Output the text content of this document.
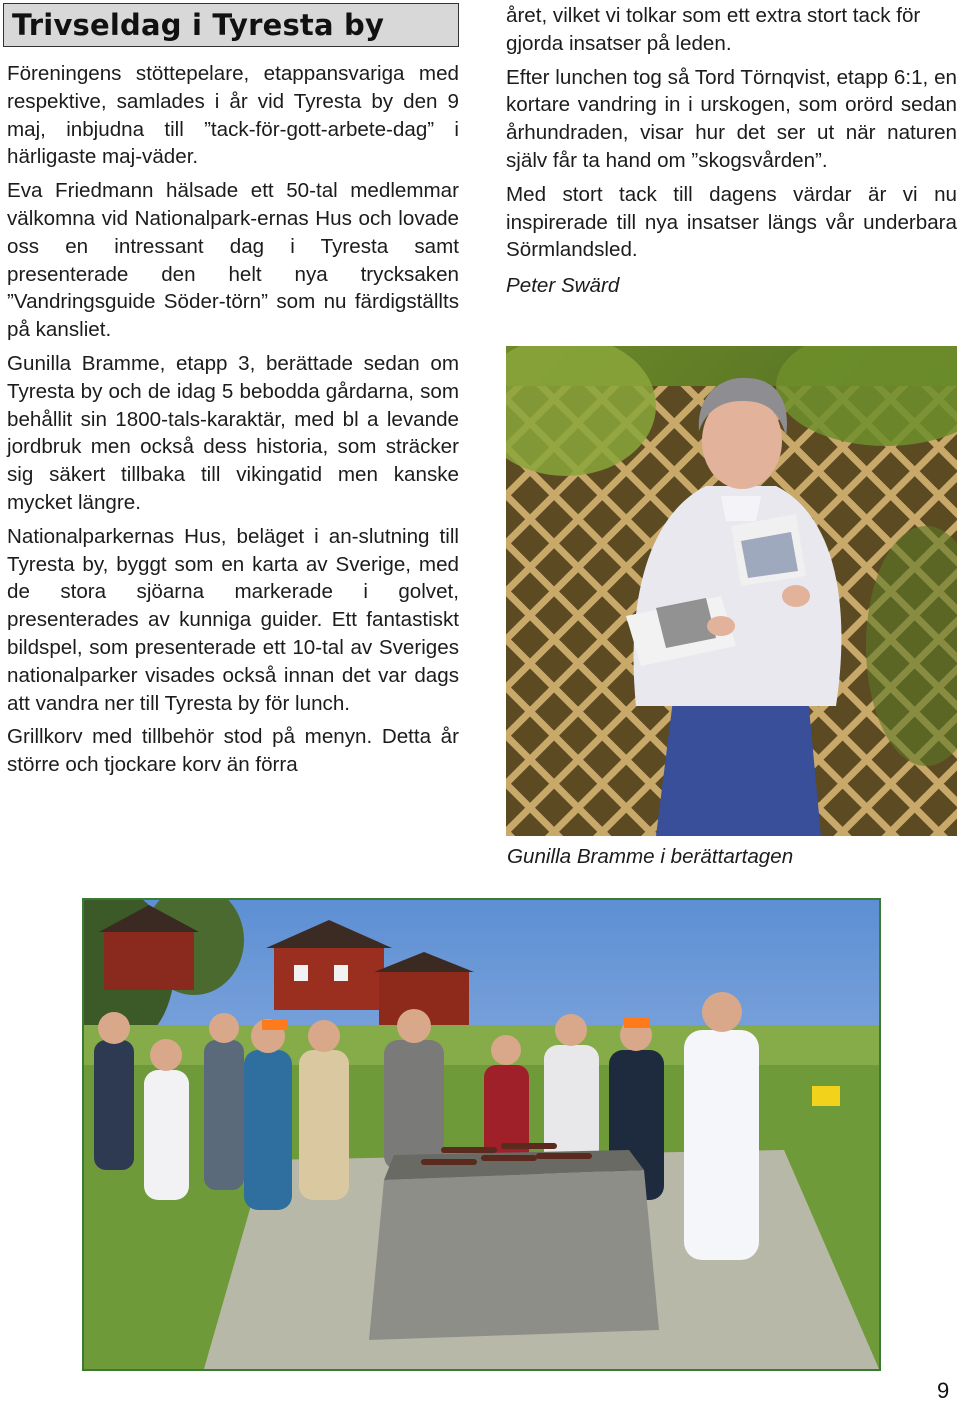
Trivseldag i Tyresta by

Föreningens stöttepelare, etappansvariga med respektive, samlades i år vid Tyresta by den 9 maj, inbjudna till ”tack-för-gott-arbete-dag” i härligaste maj-väder.

Eva Friedmann hälsade ett 50-tal medlemmar välkomna vid Nationalpark-ernas Hus och lovade oss en intressant dag i Tyresta samt presenterade den helt nya trycksaken ”Vandringsguide Söder-törn” som nu färdigställts på kansliet.

Gunilla Bramme, etapp 3, berättade sedan om Tyresta by och de idag 5 bebodda gårdarna, som behållit sin 1800-tals-karaktär, med bl a levande jordbruk men också dess historia, som sträcker sig säkert tillbaka till vikingatid men kanske mycket längre.

Nationalparkernas Hus, beläget i an-slutning till Tyresta by, byggt som en karta av Sverige, med de stora sjöarna markerade i golvet, presenterades av kunniga guider. Ett fantastiskt bildspel, som presenterade ett 10-tal av Sveriges nationalparker visades också innan det var dags att vandra ner till Tyresta by för lunch.

Grillkorv med tillbehör stod på menyn. Detta år större och tjockare korv än förra

året, vilket vi tolkar som ett extra stort tack för gjorda insatser på leden.

Efter lunchen tog så Tord Törnqvist, etapp 6:1, en kortare vandring in i urskogen, som orörd sedan århundraden, visar hur det ser ut när naturen själv får ta hand om ”skogsvården”.

Med stort tack till dagens värdar är vi nu inspirerade till nya insatser längs vår underbara Sörmlandsled.

Peter Swärd

Gunilla Bramme i berättartagen
9
